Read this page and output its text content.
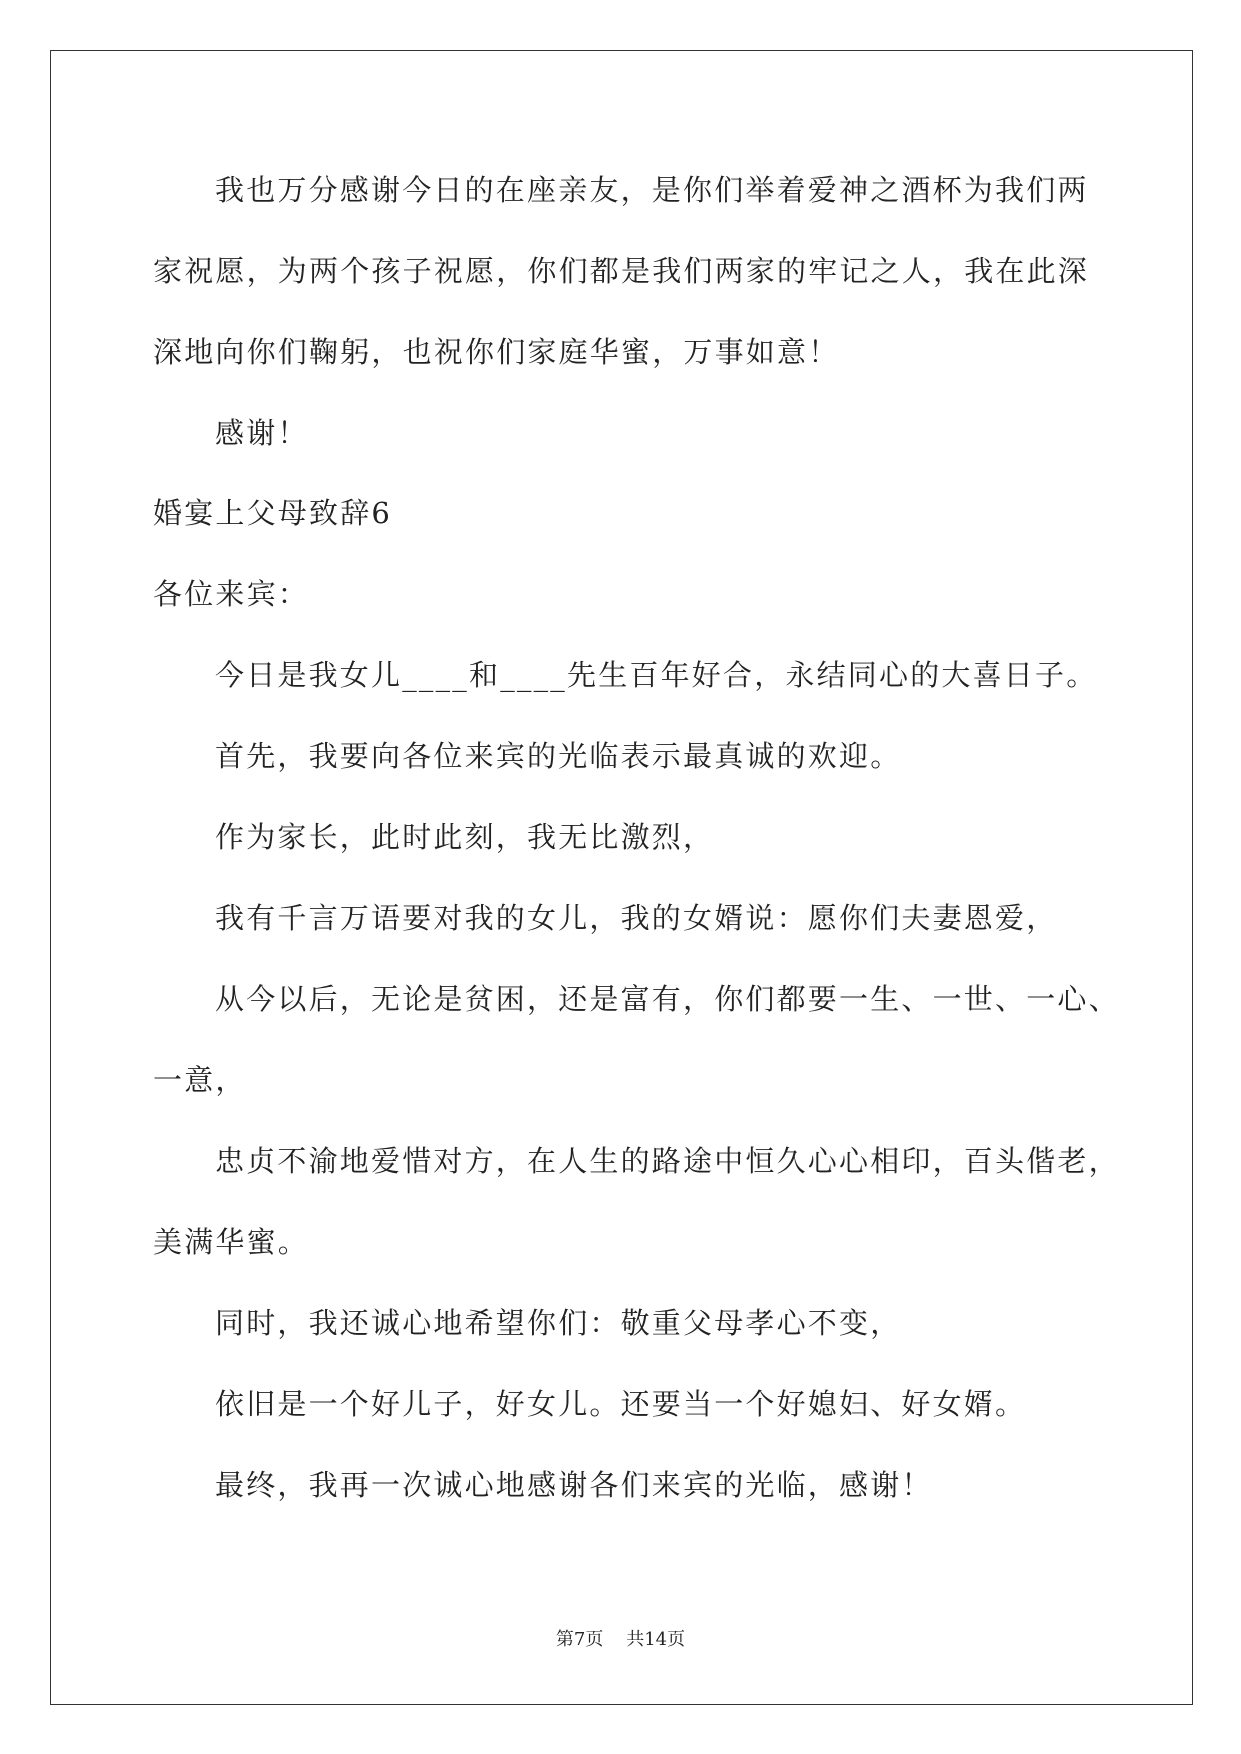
我也万分感谢今日的在座亲友，是你们举着爱神之酒杯为我们两
家祝愿，为两个孩子祝愿，你们都是我们两家的牢记之人，我在此深
深地向你们鞠躬，也祝你们家庭华蜜，万事如意！
感谢！
婚宴上父母致辞6
各位来宾：
今日是我女儿____和____先生百年好合，永结同心的大喜日子。
首先，我要向各位来宾的光临表示最真诚的欢迎。
作为家长，此时此刻，我无比激烈，
我有千言万语要对我的女儿，我的女婿说：愿你们夫妻恩爱，
从今以后，无论是贫困，还是富有，你们都要一生、一世、一心、
一意，
忠贞不渝地爱惜对方，在人生的路途中恒久心心相印，百头偕老，
美满华蜜。
同时，我还诚心地希望你们：敬重父母孝心不变，
依旧是一个好儿子，好女儿。还要当一个好媳妇、好女婿。
最终，我再一次诚心地感谢各们来宾的光临，感谢！
第7页 共14页
